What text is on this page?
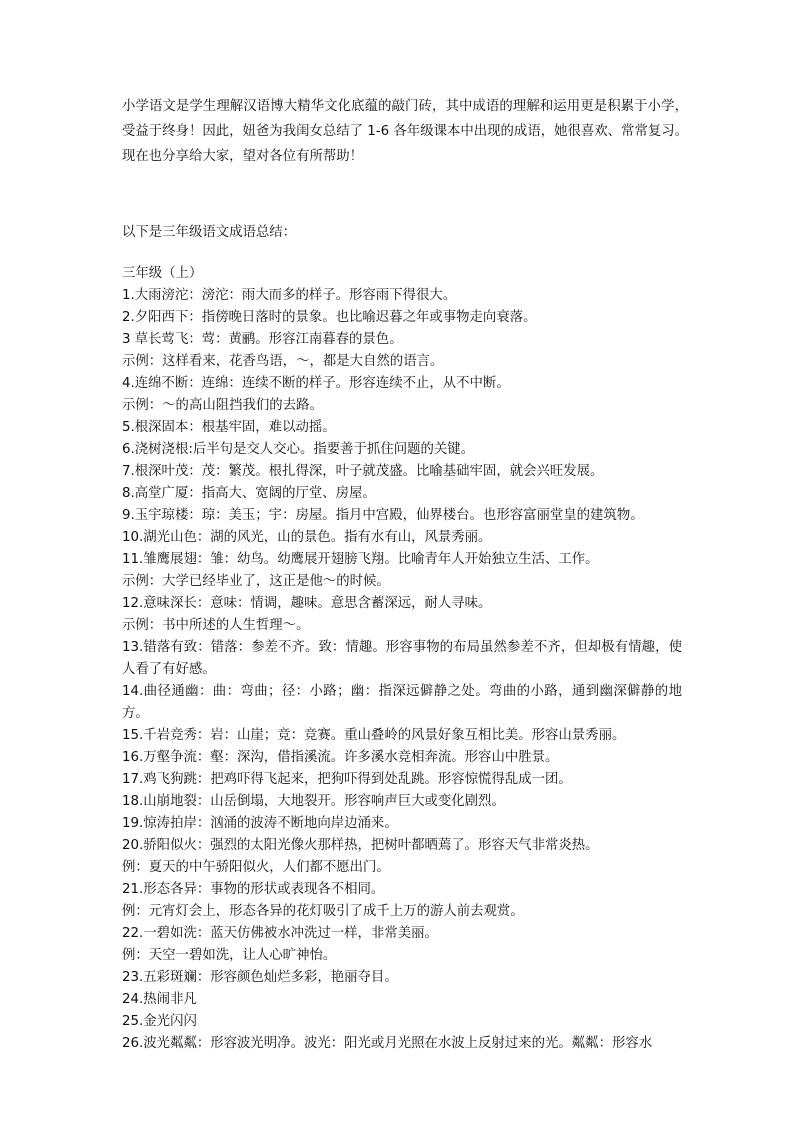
小学语文是学生理解汉语博大精华文化底蕴的敲门砖，其中成语的理解和运用更是积累于小学，受益于终身！因此，妞爸为我闺女总结了 1-6 各年级课本中出现的成语，她很喜欢、常常复习。现在也分享给大家，望对各位有所帮助！
以下是三年级语文成语总结：
三年级（上）
1.大雨滂沱：滂沱：雨大而多的样子。形容雨下得很大。
2.夕阳西下：指傍晚日落时的景象。也比喻迟暮之年或事物走向衰落。
3 草长莺飞：莺：黄鹂。形容江南暮春的景色。
示例：这样看来，花香鸟语，～，都是大自然的语言。
4.连绵不断：连绵：连续不断的样子。形容连续不止，从不中断。
示例：～的高山阻挡我们的去路。
5.根深固本：根基牢固，难以动摇。
6.浇树浇根:后半句是交人交心。指要善于抓住问题的关键。
7.根深叶茂：茂：繁茂。根扎得深，叶子就茂盛。比喻基础牢固，就会兴旺发展。
8.高堂广厦：指高大、宽阔的厅堂、房屋。
9.玉宇琼楼：琼：美玉；宇：房屋。指月中宫殿，仙界楼台。也形容富丽堂皇的建筑物。
10.湖光山色：湖的风光，山的景色。指有水有山，风景秀丽。
11.雏鹰展翅：雏：幼鸟。幼鹰展开翅膀飞翔。比喻青年人开始独立生活、工作。
示例：大学已经毕业了，这正是他～的时候。
12.意味深长：意味：情调，趣味。意思含蓄深远，耐人寻味。
示例：书中所述的人生哲理～。
13.错落有致：错落：参差不齐。致：情趣。形容事物的布局虽然参差不齐，但却极有情趣，使人看了有好感。
14.曲径通幽：曲：弯曲；径：小路；幽：指深远僻静之处。弯曲的小路，通到幽深僻静的地方。
15.千岩竞秀：岩：山崖；竞：竞赛。重山叠岭的风景好象互相比美。形容山景秀丽。
16.万壑争流：壑：深沟，借指溪流。许多溪水竞相奔流。形容山中胜景。
17.鸡飞狗跳：把鸡吓得飞起来，把狗吓得到处乱跳。形容惊慌得乱成一团。
18.山崩地裂：山岳倒塌，大地裂开。形容响声巨大或变化剧烈。
19.惊涛拍岸：汹涌的波涛不断地向岸边涌来。
20.骄阳似火：强烈的太阳光像火那样热，把树叶都晒蔫了。形容天气非常炎热。
例：夏天的中午骄阳似火，人们都不愿出门。
21.形态各异：事物的形状或表现各不相同。
例：元宵灯会上，形态各异的花灯吸引了成千上万的游人前去观赏。
22.一碧如洗：蓝天仿佛被水冲洗过一样，非常美丽。
例：天空一碧如洗，让人心旷神怡。
23.五彩斑斓：形容颜色灿烂多彩，艳丽夺目。
24.热闹非凡
25.金光闪闪
26.波光粼粼：形容波光明净。波光：阳光或月光照在水波上反射过来的光。粼粼：形容水
